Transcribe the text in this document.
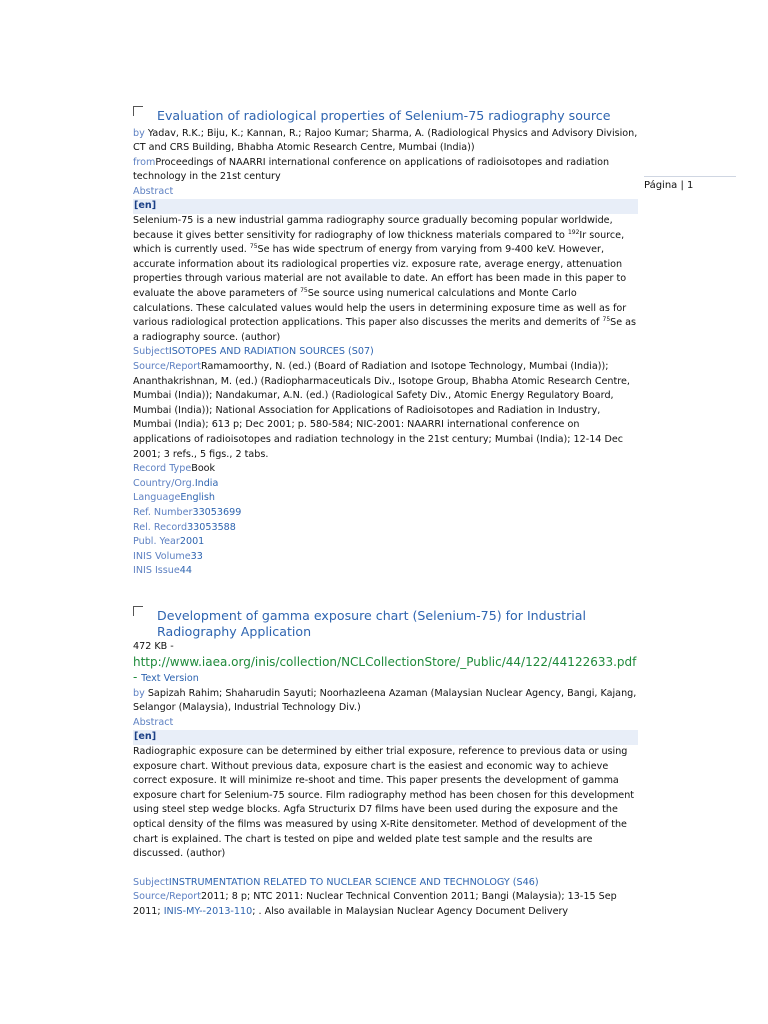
Página | 1
Evaluation of radiological properties of Selenium-75 radiography source

by Yadav, R.K.; Biju, K.; Kannan, R.; Rajoo Kumar; Sharma, A. (Radiological Physics and Advisory Division, CT and CRS Building, Bhabha Atomic Research Centre, Mumbai (India))

fromProceedings of NAARRI international conference on applications of radioisotopes and radiation technology in the 21st century

Abstract

[en]

Selenium-75 is a new industrial gamma radiography source gradually becoming popular worldwide, because it gives better sensitivity for radiography of low thickness materials compared to $^{192}$Ir source, which is currently used. $^{75}$Se has wide spectrum of energy from varying from 9-400 keV. However, accurate information about its radiological properties viz. exposure rate, average energy, attenuation properties through various material are not available to date. An effort has been made in this paper to evaluate the above parameters of $^{75}$Se source using numerical calculations and Monte Carlo calculations. These calculated values would help the users in determining exposure time as well as for various radiological protection applications. This paper also discusses the merits and demerits of $^{75}$Se as a radiography source. (author)

SubjectISOTOPES AND RADIATION SOURCES (S07)

Source/ReportRamamoorthy, N. (ed.) (Board of Radiation and Isotope Technology, Mumbai (India)); Ananthakrishnan, M. (ed.) (Radiopharmaceuticals Div., Isotope Group, Bhabha Atomic Research Centre, Mumbai (India)); Nandakumar, A.N. (ed.) (Radiological Safety Div., Atomic Energy Regulatory Board, Mumbai (India)); National Association for Applications of Radioisotopes and Radiation in Industry, Mumbai (India); 613 p; Dec 2001; p. 580-584; NIC-2001: NAARRI international conference on applications of radioisotopes and radiation technology in the 21st century; Mumbai (India); 12-14 Dec 2001; 3 refs., 5 figs., 2 tabs.

Record TypeBook

Country/Org.India

LanguageEnglish

Ref. Number33053699

Rel. Record33053588

Publ. Year2001

INIS Volume33

INIS Issue44

Development of gamma exposure chart (Selenium-75) for Industrial Radiography Application

472 KB -

http://www.iaea.org/inis/collection/NCLCollectionStore/_Public/44/122/44122633.pdf - Text Version

by Sapizah Rahim; Shaharudin Sayuti; Noorhazleena Azaman (Malaysian Nuclear Agency, Bangi, Kajang, Selangor (Malaysia), Industrial Technology Div.)

Abstract

[en]

Radiographic exposure can be determined by either trial exposure, reference to previous data or using exposure chart. Without previous data, exposure chart is the easiest and economic way to achieve correct exposure. It will minimize re-shoot and time. This paper presents the development of gamma exposure chart for Selenium-75 source. Film radiography method has been chosen for this development using steel step wedge blocks. Agfa Structurix D7 films have been used during the exposure and the optical density of the films was measured by using X-Rite densitometer. Method of development of the chart is explained. The chart is tested on pipe and welded plate test sample and the results are discussed. (author)

SubjectINSTRUMENTATION RELATED TO NUCLEAR SCIENCE AND TECHNOLOGY (S46)

Source/Report2011; 8 p; NTC 2011: Nuclear Technical Convention 2011; Bangi (Malaysia); 13-15 Sep 2011; INIS-MY--2013-110; . Also available in Malaysian Nuclear Agency Document Delivery
